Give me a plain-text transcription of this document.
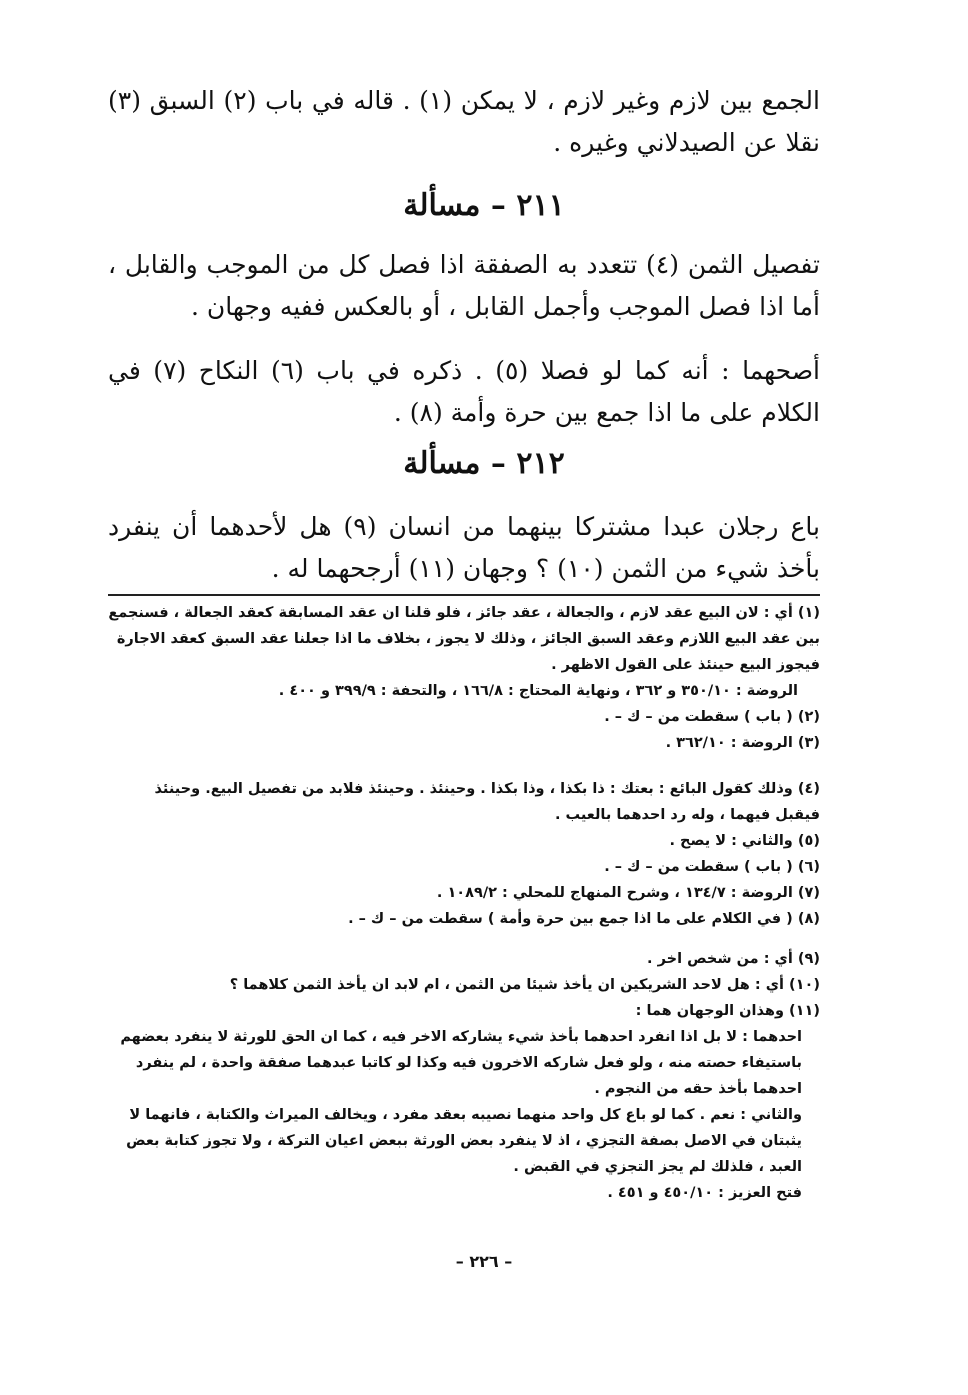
الجمع بين لازم وغير لازم ، لا يمكن (١) . قاله في باب (٢) السبق (٣) نقلا عن الصيدلاني وغيره .
٢١١ – مسألة
تفصيل الثمن (٤) تتعدد به الصفقة اذا فصل كل من الموجب والقابل ، أما اذا فصل الموجب وأجمل القابل ، أو بالعكس ففيه وجهان .
أصحهما : أنه كما لو فصلا (٥) . ذكره في باب (٦) النكاح (٧) في الكلام على ما اذا جمع بين حرة وأمة (٨) .
٢١٢ – مسألة
باع رجلان عبدا مشتركا بينهما من انسان (٩) هل لأحدهما أن ينفرد بأخذ شيء من الثمن (١٠) ؟ وجهان (١١) أرجحهما له .

(١) أي : لان البيع عقد لازم ، والجعالة ، عقد جائز ، فلو قلنا ان عقد المسابقة كعقد الجعالة ، فسنجمع بين عقد البيع اللازم وعقد السبق الجائز ، وذلك لا يجوز ، بخلاف ما اذا جعلنا عقد السبق كعقد الاجارة فيجوز البيع حينئذ على القول الاظهر .

الروضة : ٣٥٠/١٠ و ٣٦٢ ، ونهاية المحتاج : ١٦٦/٨ ، والتحفة : ٣٩٩/٩ و ٤٠٠ .

(٢) ( باب ) سقطت من – ك – .

(٣) الروضة : ٣٦٢/١٠ .

(٤) وذلك كقول البائع : بعتك : ذا بكذا ، وذا بكذا . وحينئذ . وحينئذ فلابد من تفصيل البيع. وحينئذ فيقبل فيهما ، وله رد احدهما بالعيب .

(٥) والثاني : لا يصح .

(٦) ( باب ) سقطت من – ك – .

(٧) الروضة : ١٣٤/٧ ، وشرح المنهاج للمحلي : ١٠٨٩/٢ .

(٨) ( في الكلام على ما اذا جمع بين حرة وأمة ) سقطت من – ك – .

(٩) أي : من شخص اخر .

(١٠) أي : هل لاحد الشريكين ان يأخذ شيئا من الثمن ، ام لابد ان يأخذ الثمن كلاهما ؟

(١١) وهذان الوجهان هما :

احدهما : لا بل اذا انفرد احدهما بأخذ شيء يشاركه الاخر فيه ، كما ان الحق للورثة لا ينفرد بعضهم باستيفاء حصته منه ، ولو فعل شاركه الاخرون فيه وكذا لو كاتبا عبدهما صفقة واحدة ، لم ينفرد احدهما بأخذ حقه من النجوم .

والثاني : نعم . كما لو باع كل واحد منهما نصيبه بعقد مفرد ، ويخالف الميراث والكتابة ، فانهما لا يثبتان في الاصل بصفة التجزي ، اذ لا ينفرد بعض الورثة ببعض اعيان التركة ، ولا تجوز كتابة بعض العبد ، فلذلك لم يجز التجزي في القبض .

فتح العزيز : ٤٥٠/١٠ و ٤٥١ .

– ٢٢٦ –
